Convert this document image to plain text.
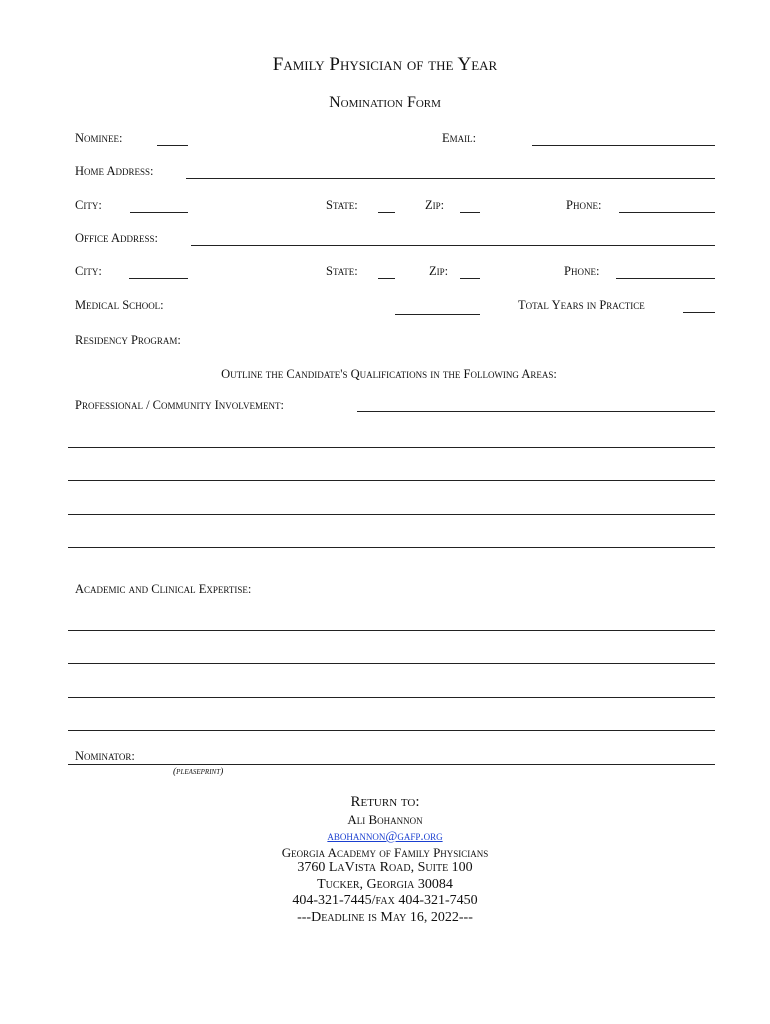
Family Physician of the Year
Nomination Form
Nominee:	Email:
Home Address:
City:	State:	Zip:	Phone:
Office Address:
City:	State:	Zip:	Phone:
Medical School:	Total Years in Practice
Residency Program:
Outline the Candidate's Qualifications in the Following Areas:
Professional / Community Involvement:
Academic and Clinical Expertise:
Nominator:
(pleaseprint)
Return to:
Ali Bohannon
abohannon@gafp.org
Georgia Academy of Family Physicians
3760 LaVista Road, Suite 100
Tucker, Georgia 30084
404-321-7445/fax 404-321-7450
---Deadline is May 16, 2022---
